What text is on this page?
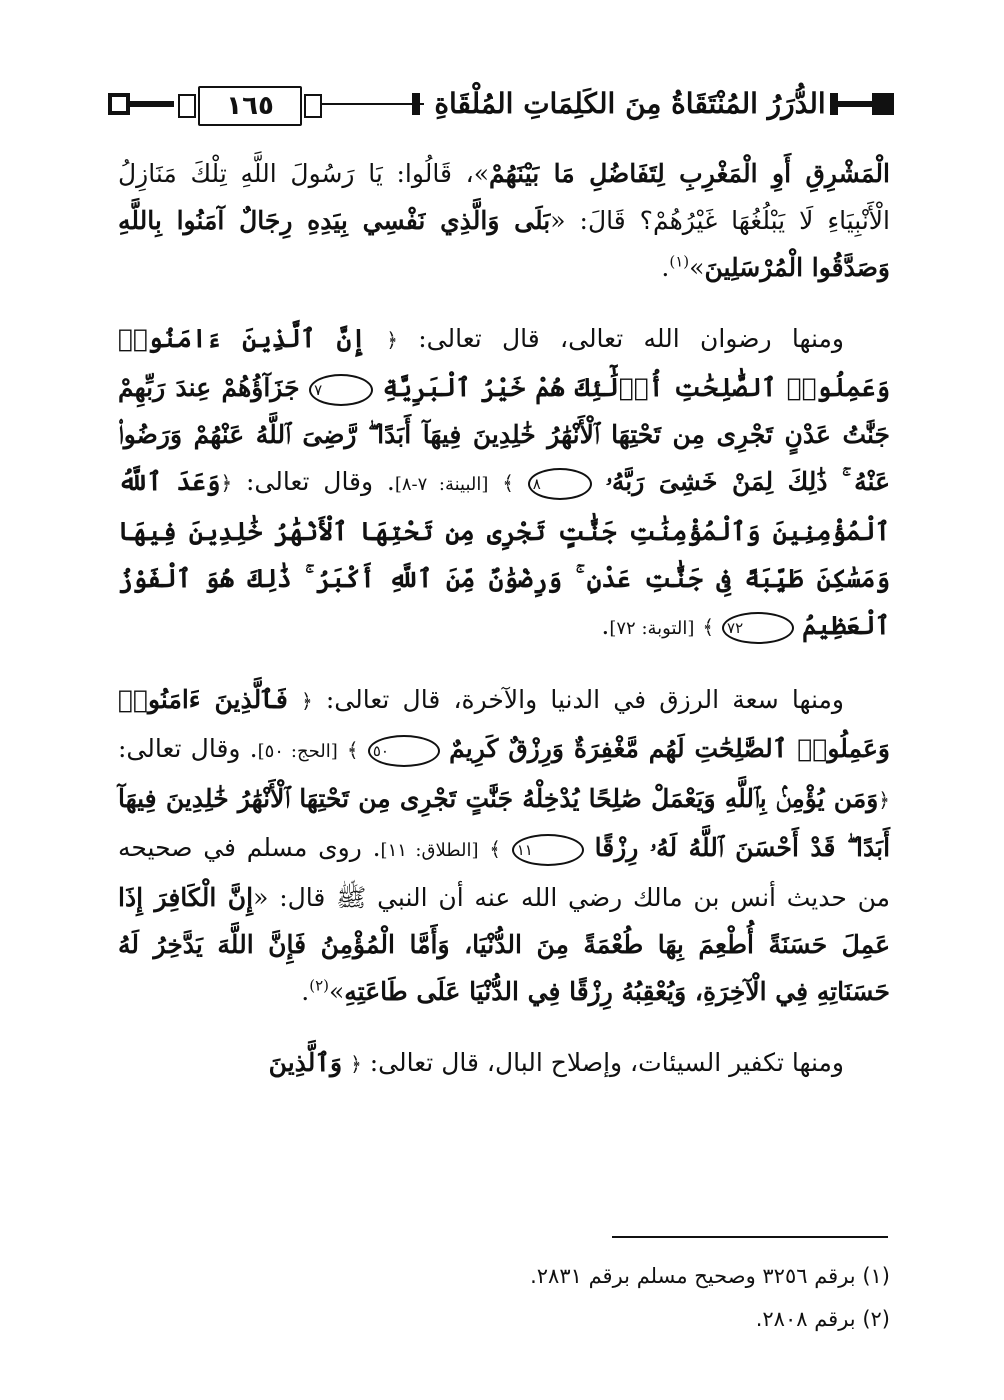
١٦٥	الدُّرَرُ المُنْتَقَاةُ مِنَ الكَلِمَاتِ المُلْقَاةِ

الْمَشْرِقِ أَوِ الْمَغْرِبِ لِتَفَاضُلِ مَا بَيْنَهُمْ»، قَالُوا: يَا رَسُولَ اللَّهِ تِلْكَ مَنَازِلُ الْأَنْبِيَاءِ لَا يَبْلُغُهَا غَيْرُهُمْ؟ قَالَ: «بَلَى وَالَّذِي نَفْسِي بِيَدِهِ رِجَالٌ آمَنُوا بِاللَّهِ وَصَدَّقُوا الْمُرْسَلِينَ»$^{(١)}$.

ومنها رضوان الله تعالى، قال تعالى: ﴿ إِنَّ ٱلَّذِينَ ءَامَنُوا۟ وَعَمِلُوا۟ ٱلصَّٰلِحَٰتِ أُو۟لَٰٓئِكَ هُمْ خَيْرُ ٱلْبَرِيَّةِ ٧ جَزَآؤُهُمْ عِندَ رَبِّهِمْ جَنَّٰتُ عَدْنٍ تَجْرِى مِن تَحْتِهَا ٱلْأَنْهَٰرُ خَٰلِدِينَ فِيهَآ أَبَدًا ۖ رَّضِىَ ٱللَّهُ عَنْهُمْ وَرَضُوا۟ عَنْهُ ۚ ذَٰلِكَ لِمَنْ خَشِىَ رَبَّهُۥ ٨ ﴾ [البينة: ٧-٨]. وقال تعالى: ﴿وَعَدَ ٱللَّهُ ٱلْمُؤْمِنِينَ وَٱلْمُؤْمِنَٰتِ جَنَّٰتٍ تَجْرِى مِن تَحْتِهَا ٱلْأَنْهَٰرُ خَٰلِدِينَ فِيهَا وَمَسَٰكِنَ طَيِّبَةً فِى جَنَّٰتِ عَدْنٍ ۚ وَرِضْوَٰنٌ مِّنَ ٱللَّهِ أَكْبَرُ ۚ ذَٰلِكَ هُوَ ٱلْفَوْزُ ٱلْعَظِيمُ ٧٢ ﴾ [التوبة: ٧٢].

ومنها سعة الرزق في الدنيا والآخرة، قال تعالى: ﴿ فَٱلَّذِينَ ءَامَنُوا۟ وَعَمِلُوا۟ ٱلصَّٰلِحَٰتِ لَهُم مَّغْفِرَةٌ وَرِزْقٌ كَرِيمٌ ٥٠ ﴾ [الحج: ٥٠]. وقال تعالى: ﴿وَمَن يُؤْمِنۢ بِٱللَّهِ وَيَعْمَلْ صَٰلِحًا يُدْخِلْهُ جَنَّٰتٍ تَجْرِى مِن تَحْتِهَا ٱلْأَنْهَٰرُ خَٰلِدِينَ فِيهَآ أَبَدًا ۖ قَدْ أَحْسَنَ ٱللَّهُ لَهُۥ رِزْقًا ١١ ﴾ [الطلاق: ١١]. روى مسلم في صحيحه من حديث أنس بن مالك رضي الله عنه أن النبي ﷺ قال: «إِنَّ الْكَافِرَ إِذَا عَمِلَ حَسَنَةً أُطْعِمَ بِهَا طُعْمَةً مِنَ الدُّنْيَا، وَأَمَّا الْمُؤْمِنُ فَإِنَّ اللَّهَ يَدَّخِرُ لَهُ حَسَنَاتِهِ فِي الْآخِرَةِ، وَيُعْقِبُهُ رِزْقًا فِي الدُّنْيَا عَلَى طَاعَتِهِ»$^{(٢)}$.

ومنها تكفير السيئات، وإصلاح البال، قال تعالى: ﴿ وَٱلَّذِينَ

(١) برقم ٣٢٥٦ وصحيح مسلم برقم ٢٨٣١.
(٢) برقم ٢٨٠٨.
